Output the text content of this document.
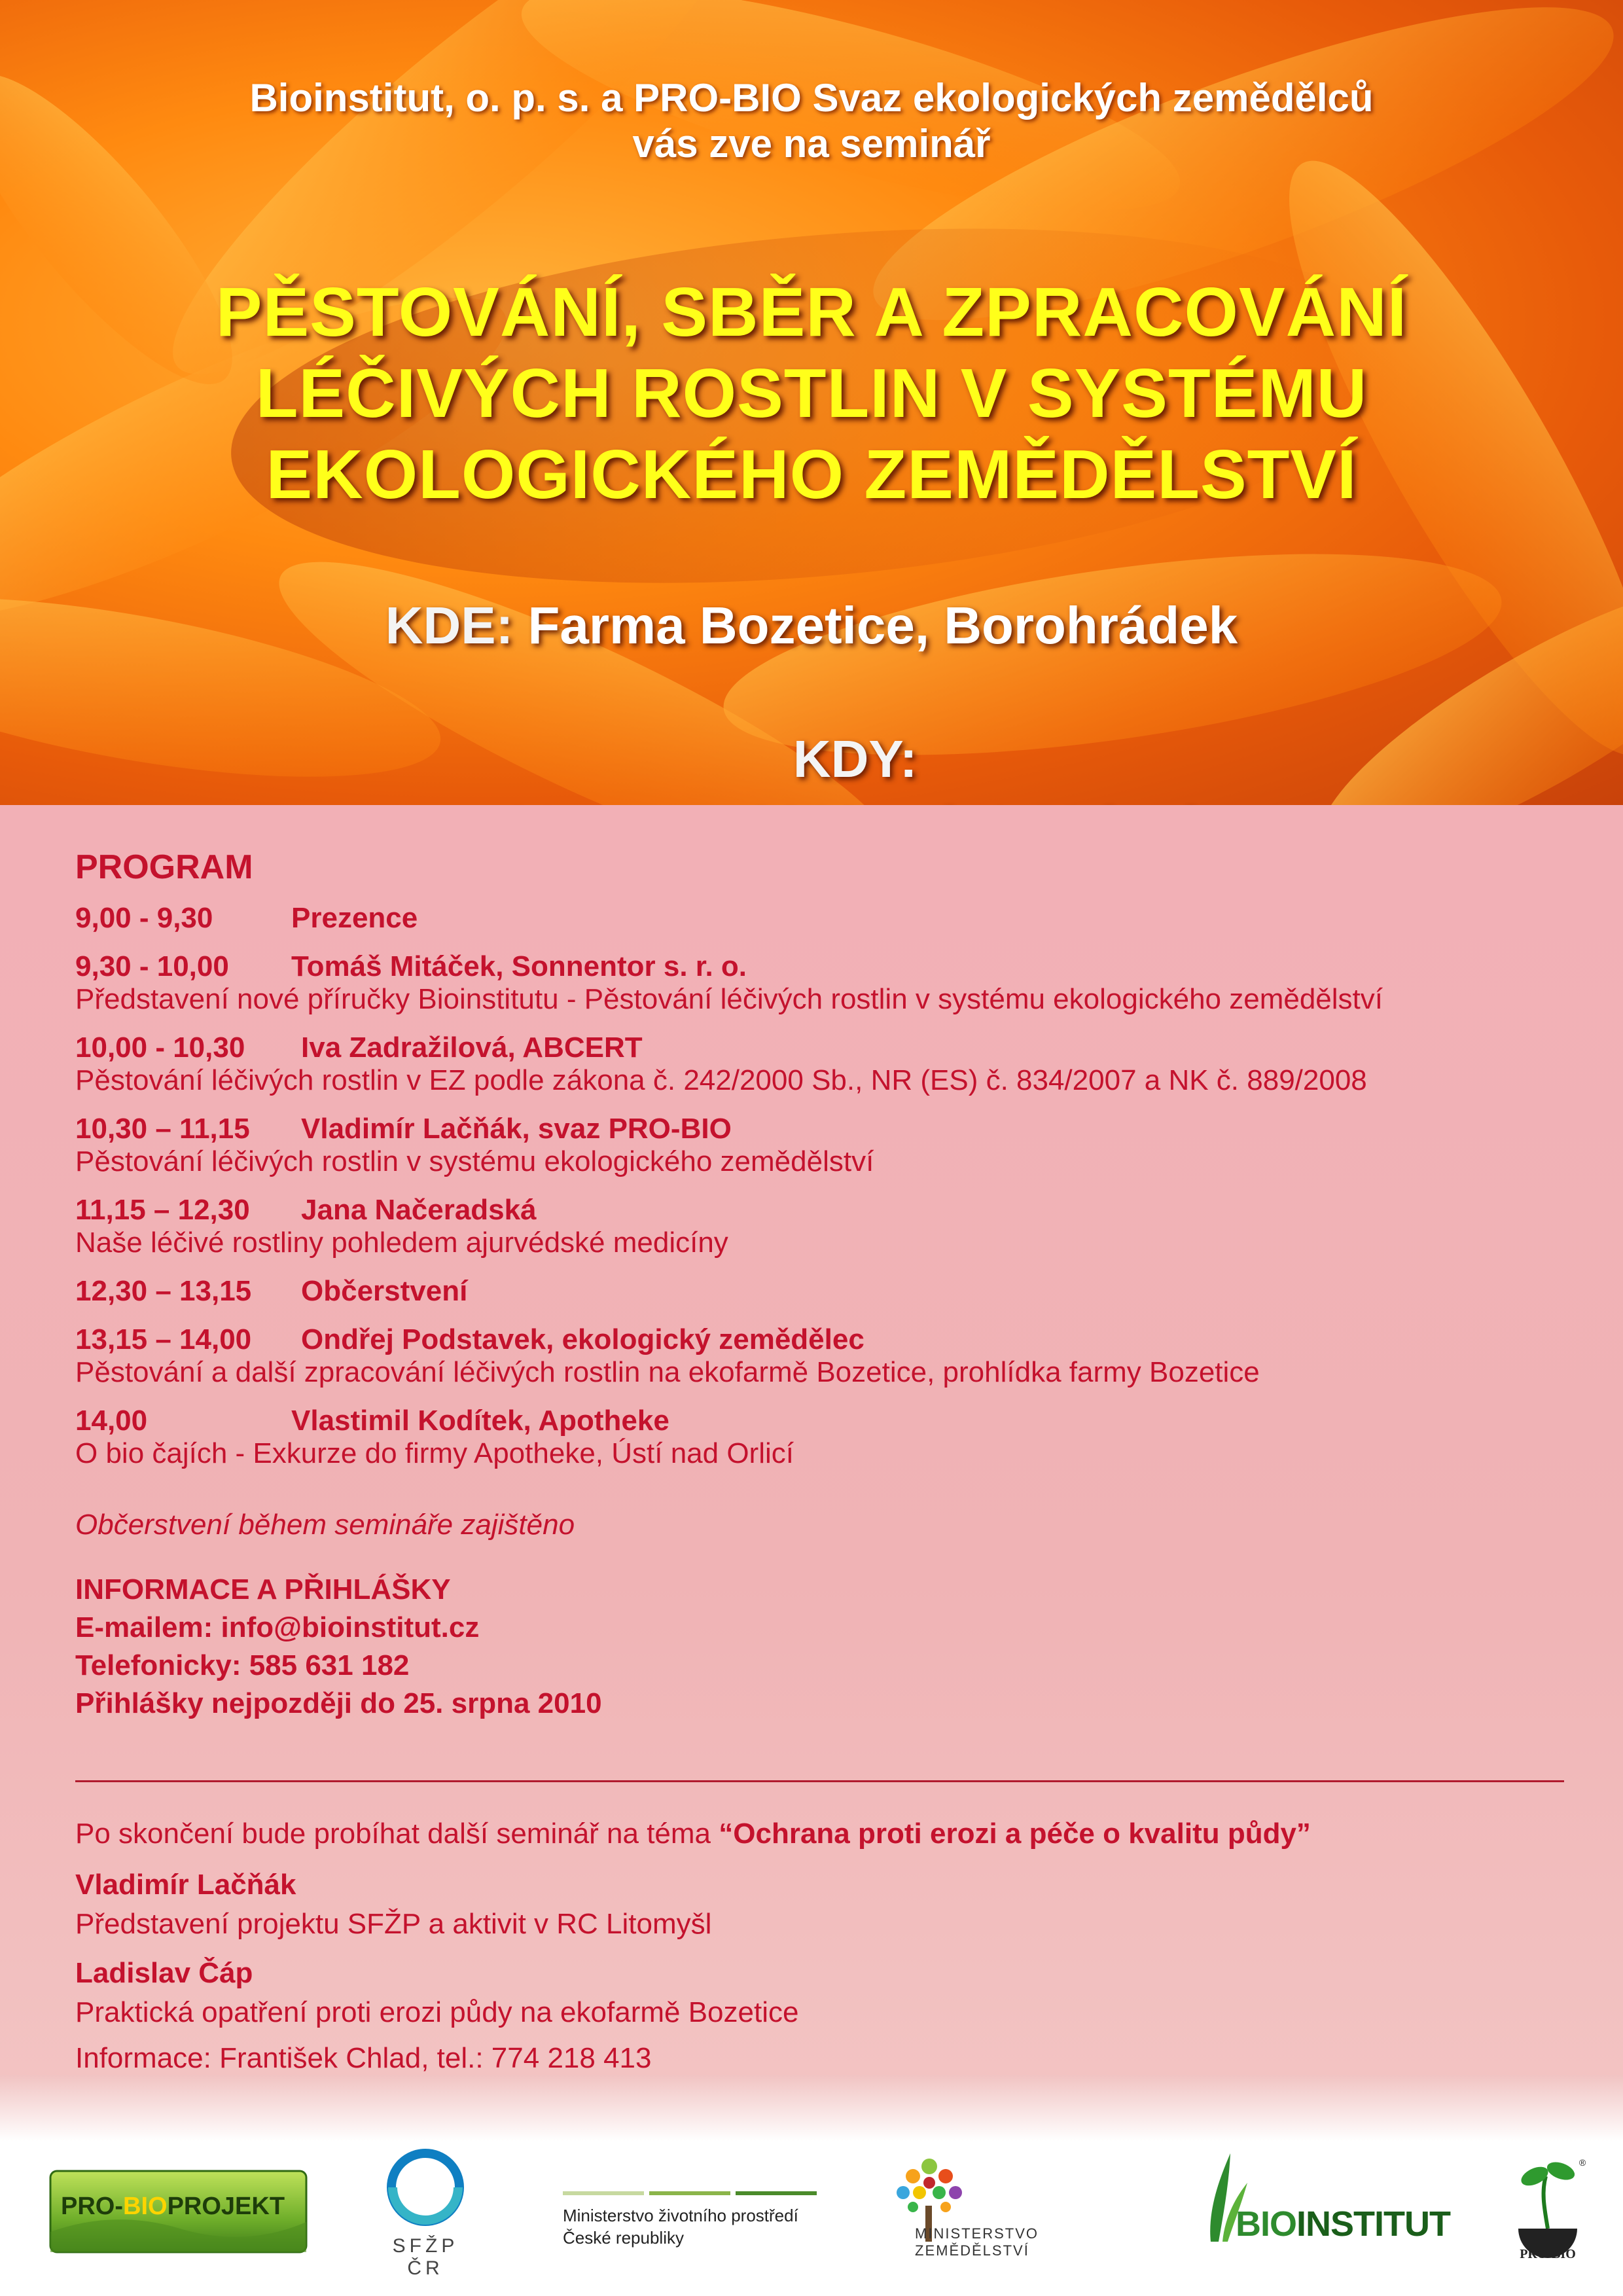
Bioinstitut, o. p. s. a PRO-BIO Svaz ekologických zemědělců
vás zve na seminář
PĚSTOVÁNÍ, SBĚR A ZPRACOVÁNÍ
LÉČIVÝCH ROSTLIN V SYSTÉMU
EKOLOGICKÉHO ZEMĚDĚLSTVÍ
KDE: Farma Bozetice, Borohrádek

KDY:

PROGRAM
9,00 - 9,30	Prezence
9,30 - 10,00 Tomáš Mitáček, Sonnentor s. r. o.
Představení nové příručky Bioinstitutu - Pěstování léčivých rostlin v systému ekologického zemědělství
10,00 - 10,30 Iva Zadražilová, ABCERT
Pěstování léčivých rostlin v EZ podle zákona č. 242/2000 Sb., NR (ES) č. 834/2007 a NK č. 889/2008
10,30 – 11,15 Vladimír Lačňák, svaz PRO-BIO
Pěstování léčivých rostlin v systému ekologického zemědělství
11,15 – 12,30 Jana Načeradská
Naše léčivé rostliny pohledem ajurvédské medicíny
12,30 – 13,15 Občerstvení
13,15 – 14,00 Ondřej Podstavek, ekologický zemědělec
Pěstování a další zpracování léčivých rostlin na ekofarmě Bozetice, prohlídka farmy Bozetice
14,00	Vlastimil Kodítek, Apotheke
O bio čajích - Exkurze do firmy Apotheke, Ústí nad Orlicí
Občerstvení během semináře zajištěno
INFORMACE A PŘIHLÁŠKY
E-mailem: info@bioinstitut.cz
Telefonicky: 585 631 182
Přihlášky nejpozději do 25. srpna 2010
Po skončení bude probíhat další seminář na téma “Ochrana proti erozi a péče o kvalitu půdy”
Vladimír Lačňák
Představení projektu SFŽP a aktivit v RC Litomyšl
Ladislav Čáp
Praktická opatření proti erozi půdy na ekofarmě Bozetice
Informace: František Chlad, tel.: 774 218 413
PRO-BIOPROJEKT
SFŽP ČR
Ministerstvo životního prostředí
České republiky	MINISTERSTVO ZEMĚDĚLSTVÍ
BIOINSTITUT
PRO-BIO
®
